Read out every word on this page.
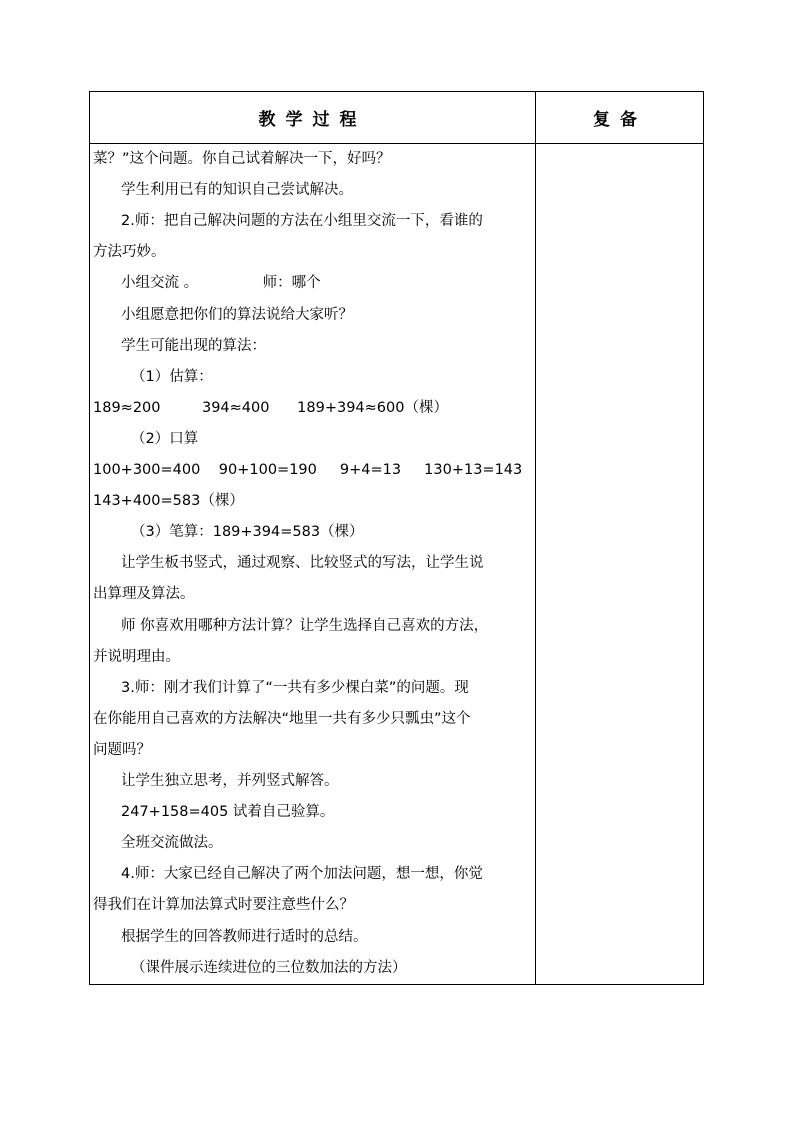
教学过程	复备
菜？”这个问题。你自己试着解决一下，好吗？
学生利用已有的知识自己尝试解决。
2.师：把自己解决问题的方法在小组里交流一下，看谁的
方法巧妙。
小组交流 。              师：哪个
小组愿意把你们的算法说给大家听？
学生可能出现的算法：
（1）估算：
189≈200         394≈400      189+394≈600（棵）
（2）口算
100+300=400    90+100=190     9+4=13     130+13=143
143+400=583（棵）
（3）笔算：189+394=583（棵）
让学生板书竖式，通过观察、比较竖式的写法，让学生说
出算理及算法。
师 你喜欢用哪种方法计算？让学生选择自己喜欢的方法，
并说明理由。
3.师：刚才我们计算了“一共有多少棵白菜”的问题。现
在你能用自己喜欢的方法解决“地里一共有多少只瓢虫”这个
问题吗？
让学生独立思考，并列竖式解答。
247+158=405 试着自己验算。
全班交流做法。
4.师：大家已经自己解决了两个加法问题，想一想，你觉
得我们在计算加法算式时要注意些什么？
根据学生的回答教师进行适时的总结。
（课件展示连续进位的三位数加法的方法）
